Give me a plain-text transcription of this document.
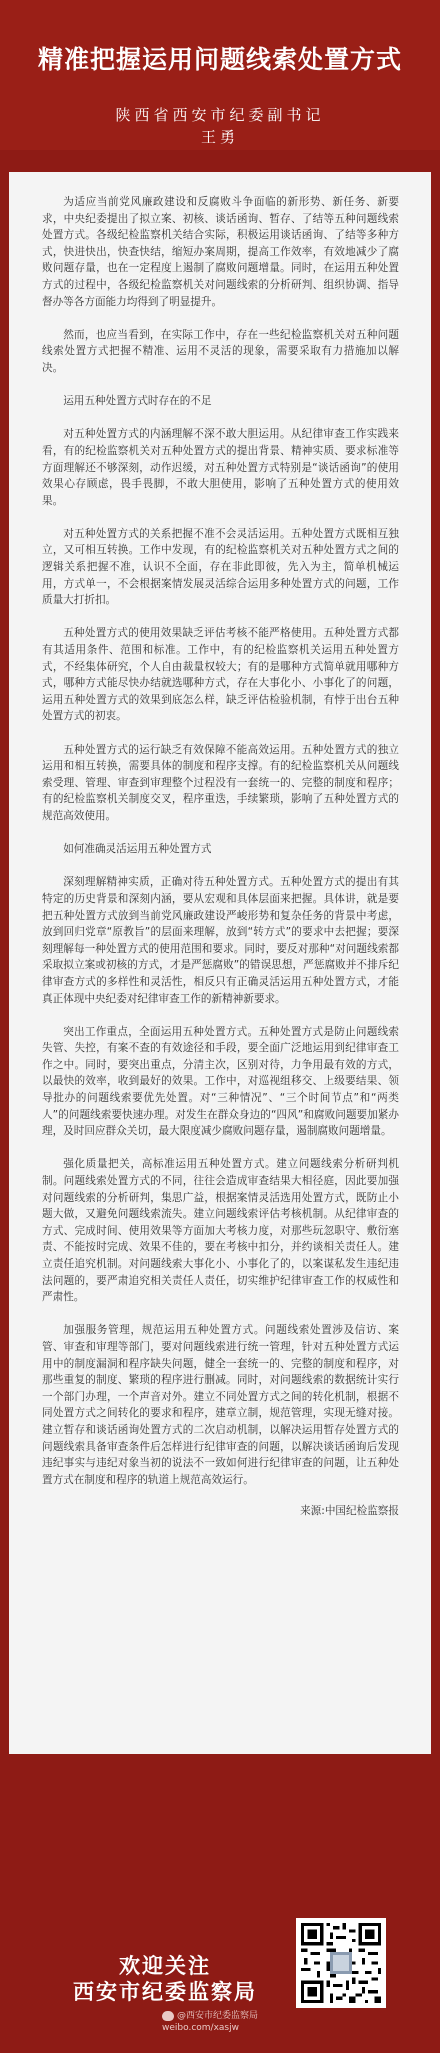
精准把握运用问题线索处置方式
陕西省西安市纪委副书记
王勇

为适应当前党风廉政建设和反腐败斗争面临的新形势、新任务、新要求，中央纪委提出了拟立案、初核、谈话函询、暂存、了结等五种问题线索处置方式。各级纪检监察机关结合实际，积极运用谈话函询、了结等多种方式，快进快出，快查快结，缩短办案周期，提高工作效率，有效地减少了腐败问题存量，也在一定程度上遏制了腐败问题增量。同时，在运用五种处置方式的过程中，各级纪检监察机关对问题线索的分析研判、组织协调、指导督办等各方面能力均得到了明显提升。

然而，也应当看到，在实际工作中，存在一些纪检监察机关对五种问题线索处置方式把握不精准、运用不灵活的现象，需要采取有力措施加以解决。

运用五种处置方式时存在的不足

对五种处置方式的内涵理解不深不敢大胆运用。从纪律审查工作实践来看，有的纪检监察机关对五种处置方式的提出背景、精神实质、要求标准等方面理解还不够深刻，动作迟缓，对五种处置方式特别是“谈话函询”的使用效果心存顾虑，畏手畏脚，不敢大胆使用，影响了五种处置方式的使用效果。

对五种处置方式的关系把握不准不会灵活运用。五种处置方式既相互独立，又可相互转换。工作中发现，有的纪检监察机关对五种处置方式之间的逻辑关系把握不准，认识不全面，存在非此即彼，先入为主，简单机械运用，方式单一，不会根据案情发展灵活综合运用多种处置方式的问题，工作质量大打折扣。

五种处置方式的使用效果缺乏评估考核不能严格使用。五种处置方式都有其适用条件、范围和标准。工作中，有的纪检监察机关运用五种处置方式，不经集体研究，个人自由裁量权较大；有的是哪种方式简单就用哪种方式，哪种方式能尽快办结就选哪种方式，存在大事化小、小事化了的问题，运用五种处置方式的效果到底怎么样，缺乏评估检验机制，有悖于出台五种处置方式的初衷。

五种处置方式的运行缺乏有效保障不能高效运用。五种处置方式的独立运用和相互转换，需要具体的制度和程序支撑。有的纪检监察机关从问题线索受理、管理、审查到审理整个过程没有一套统一的、完整的制度和程序；有的纪检监察机关制度交叉，程序重迭，手续繁琐，影响了五种处置方式的规范高效使用。

如何准确灵活运用五种处置方式

深刻理解精神实质，正确对待五种处置方式。五种处置方式的提出有其特定的历史背景和深刻内涵，要从宏观和具体层面来把握。具体讲，就是要把五种处置方式放到当前党风廉政建设严峻形势和复杂任务的背景中考虑，放到回归党章“原教旨”的层面来理解，放到“转方式”的要求中去把握；要深刻理解每一种处置方式的使用范围和要求。同时，要反对那种“对问题线索都采取拟立案或初核的方式，才是严惩腐败”的错误思想，严惩腐败并不排斥纪律审查方式的多样性和灵活性，相反只有正确灵活运用五种处置方式，才能真正体现中央纪委对纪律审查工作的新精神新要求。

突出工作重点，全面运用五种处置方式。五种处置方式是防止问题线索失管、失控，有案不查的有效途径和手段，要全面广泛地运用到纪律审查工作之中。同时，要突出重点，分清主次，区别对待，力争用最有效的方式，以最快的效率，收到最好的效果。工作中，对巡视组移交、上级要结果、领导批办的问题线索要优先处置。对“三种情况”、“三个时间节点”和“两类人”的问题线索要快速办理。对发生在群众身边的“四风”和腐败问题要加紧办理，及时回应群众关切，最大限度减少腐败问题存量，遏制腐败问题增量。

强化质量把关，高标准运用五种处置方式。建立问题线索分析研判机制。问题线索处置方式的不同，往往会造成审查结果大相径庭，因此要加强对问题线索的分析研判，集思广益，根据案情灵活选用处置方式，既防止小题大做，又避免问题线索流失。建立问题线索评估考核机制。从纪律审查的方式、完成时间、使用效果等方面加大考核力度，对那些玩忽职守、敷衍塞责、不能按时完成、效果不佳的，要在考核中扣分，并约谈相关责任人。建立责任追究机制。对问题线索大事化小、小事化了的，以案谋私发生违纪违法问题的，要严肃追究相关责任人责任，切实维护纪律审查工作的权威性和严肃性。

加强服务管理，规范运用五种处置方式。问题线索处置涉及信访、案管、审查和审理等部门，要对问题线索进行统一管理，针对五种处置方式运用中的制度漏洞和程序缺失问题，健全一套统一的、完整的制度和程序，对那些重复的制度、繁琐的程序进行删减。同时，对问题线索的数据统计实行一个部门办理，一个声音对外。建立不同处置方式之间的转化机制，根据不同处置方式之间转化的要求和程序，建章立制，规范管理，实现无缝对接。建立暂存和谈话函询处置方式的二次启动机制，以解决运用暂存处置方式的问题线索具备审查条件后怎样进行纪律审查的问题，以解决谈话函询后发现违纪事实与违纪对象当初的说法不一致如何进行纪律审查的问题，让五种处置方式在制度和程序的轨道上规范高效运行。

来源:中国纪检监察报

欢迎关注
西安市纪委监察局
@西安市纪委监察局
weibo.com/xasjw
